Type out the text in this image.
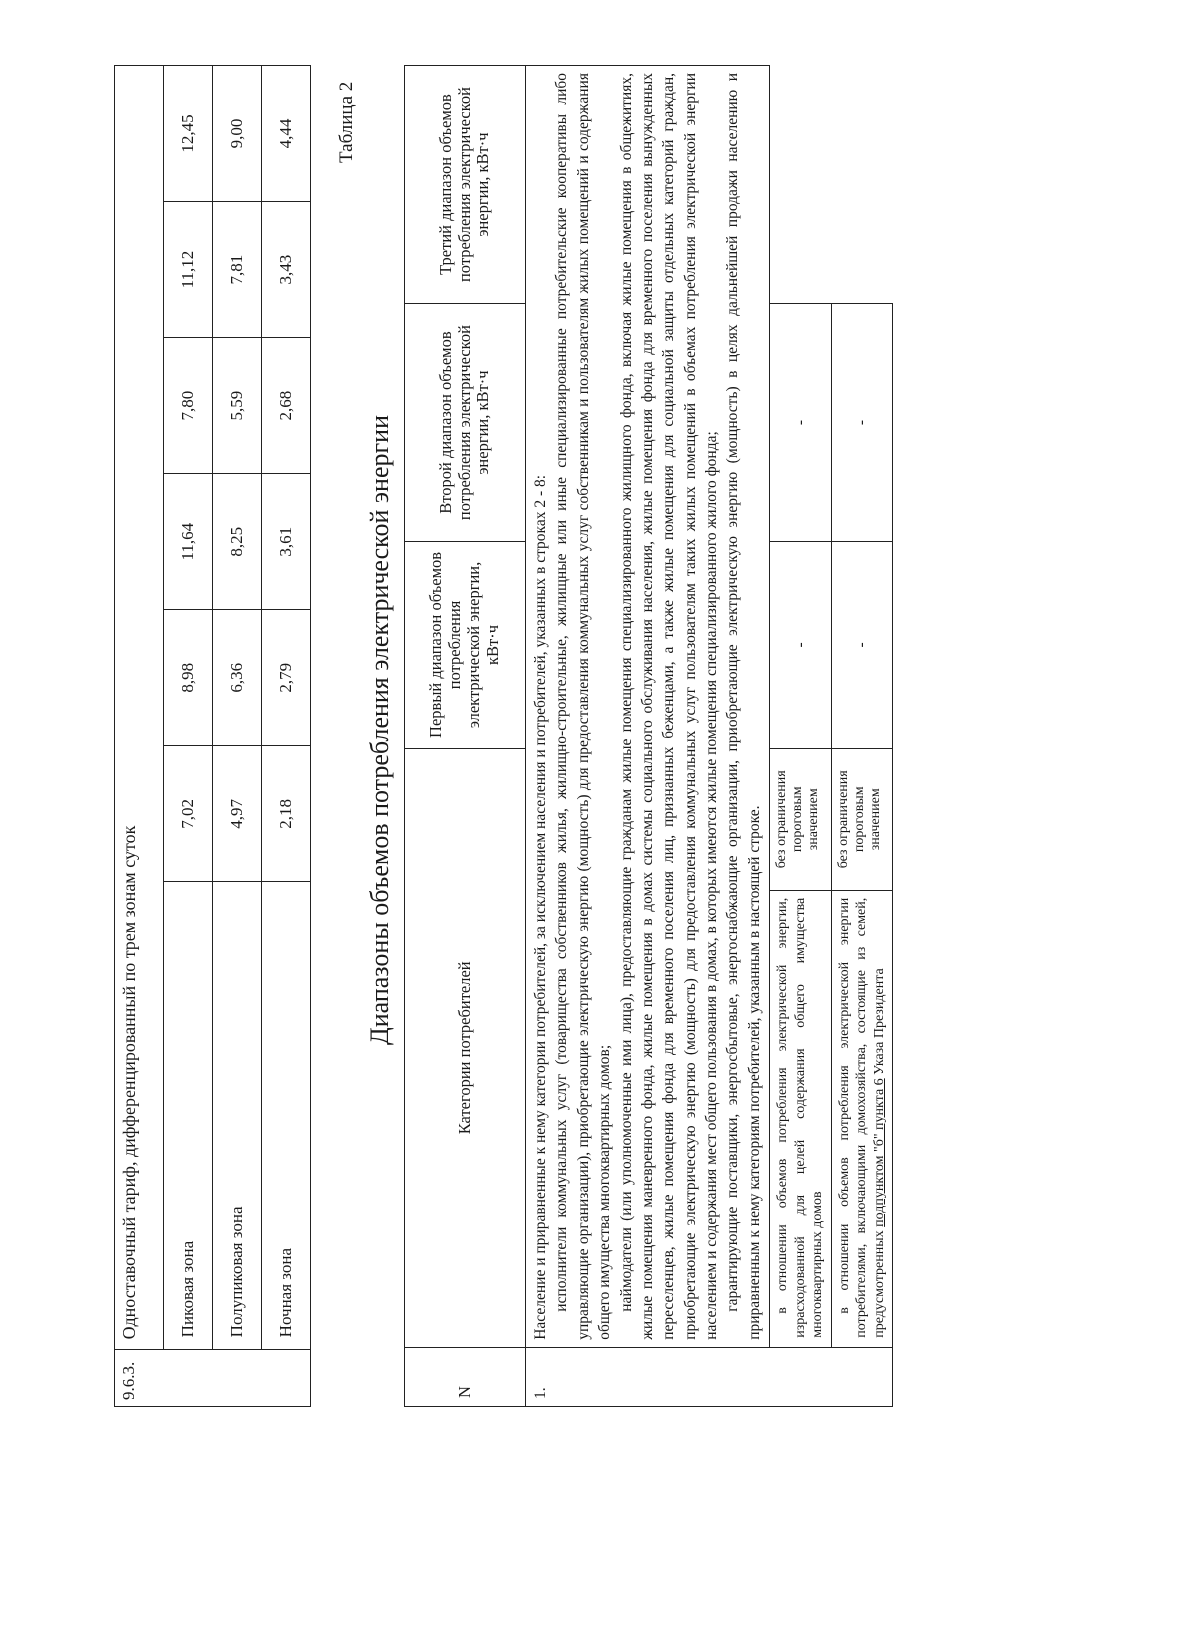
9.6.3.	Одноставочный тариф, дифференцированный по трем зонам суток						
	Пиковая зона	7,02	8,98	11,64	7,80	11,12	12,45
	Полупиковая зона	4,97	6,36	8,25	5,59	7,81	9,00
	Ночная зона	2,18	2,79	3,61	2,68	3,43	4,44 Таблица 2
Диапазоны объемов потребления электрической энергии
N	Категории потребителей		Первый диапазон объемов потребления электрической энергии, кВт·ч	Второй диапазон объемов потребления электрической энергии, кВт·ч	Третий диапазон объемов потребления электрической энергии, кВт·ч
1.	Население и приравненные к нему категории потребителей, за исключением населения и потребителей, указанных в строках 2 - 8: исполнители коммунальных услуг (товарищества собственников жилья, жилищно-строительные, жилищные или иные специализированные потребительские кооперативы либо управляющие организации), приобретающие электрическую энергию (мощность) для предоставления коммунальных услуг собственникам и пользователям жилых помещений и содержания общего имущества многоквартирных домов; наймодатели (или уполномоченные ими лица), предоставляющие гражданам жилые помещения специализированного жилищного фонда, включая жилые помещения в общежитиях, жилые помещения маневренного фонда, жилые помещения в домах системы социального обслуживания населения, жилые помещения фонда для временного поселения вынужденных переселенцев, жилые помещения фонда для временного поселения лиц, признанных беженцами, а также жилые помещения для социальной защиты отдельных категорий граждан, приобретающие электрическую энергию (мощность) для предоставления коммунальных услуг пользователям таких жилых помещений в объемах потребления электрической энергии населением и содержания мест общего пользования в домах, в которых имеются жилые помещения специализированного жилого фонда; гарантирующие поставщики, энергосбытовые, энергоснабжающие организации, приобретающие электрическую энергию (мощность) в целях дальнейшей продажи населению и приравненным к нему категориям потребителей, указанным в настоящей строке.				

	в отношении объемов потребления электрической энергии, израсходованной для целей содержания общего имущества многоквартирных домов	без ограничения пороговым значением	-	-	

	в отношении объемов потребления электрической энергии потребителями, включающими домохозяйства, состоящие из семей, предусмотренных подпунктом "б" пункта 6 Указа Президента	без ограничения пороговым значением	-	-	
